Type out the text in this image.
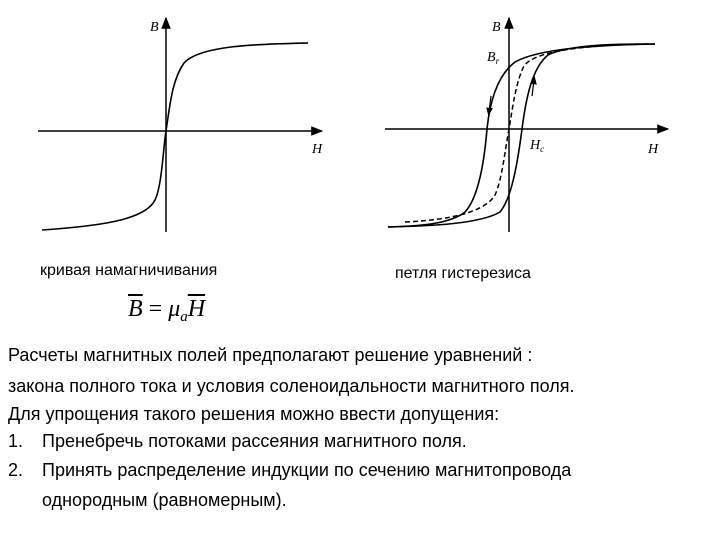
B
H
B
H
$B_r$
$H_c$
кривая намагничивания	петля гистерезиса
$\overline{B} = \mu_a\overline{H}$
Расчеты магнитных полей предполагают решение уравнений :
закона полного тока и условия соленоидальности магнитного поля.
Для упрощения такого решения можно ввести допущения:
1. Пренебречь потоками рассеяния магнитного поля.
2. Принять распределение индукции по сечению магнитопровода
однородным (равномерным).
